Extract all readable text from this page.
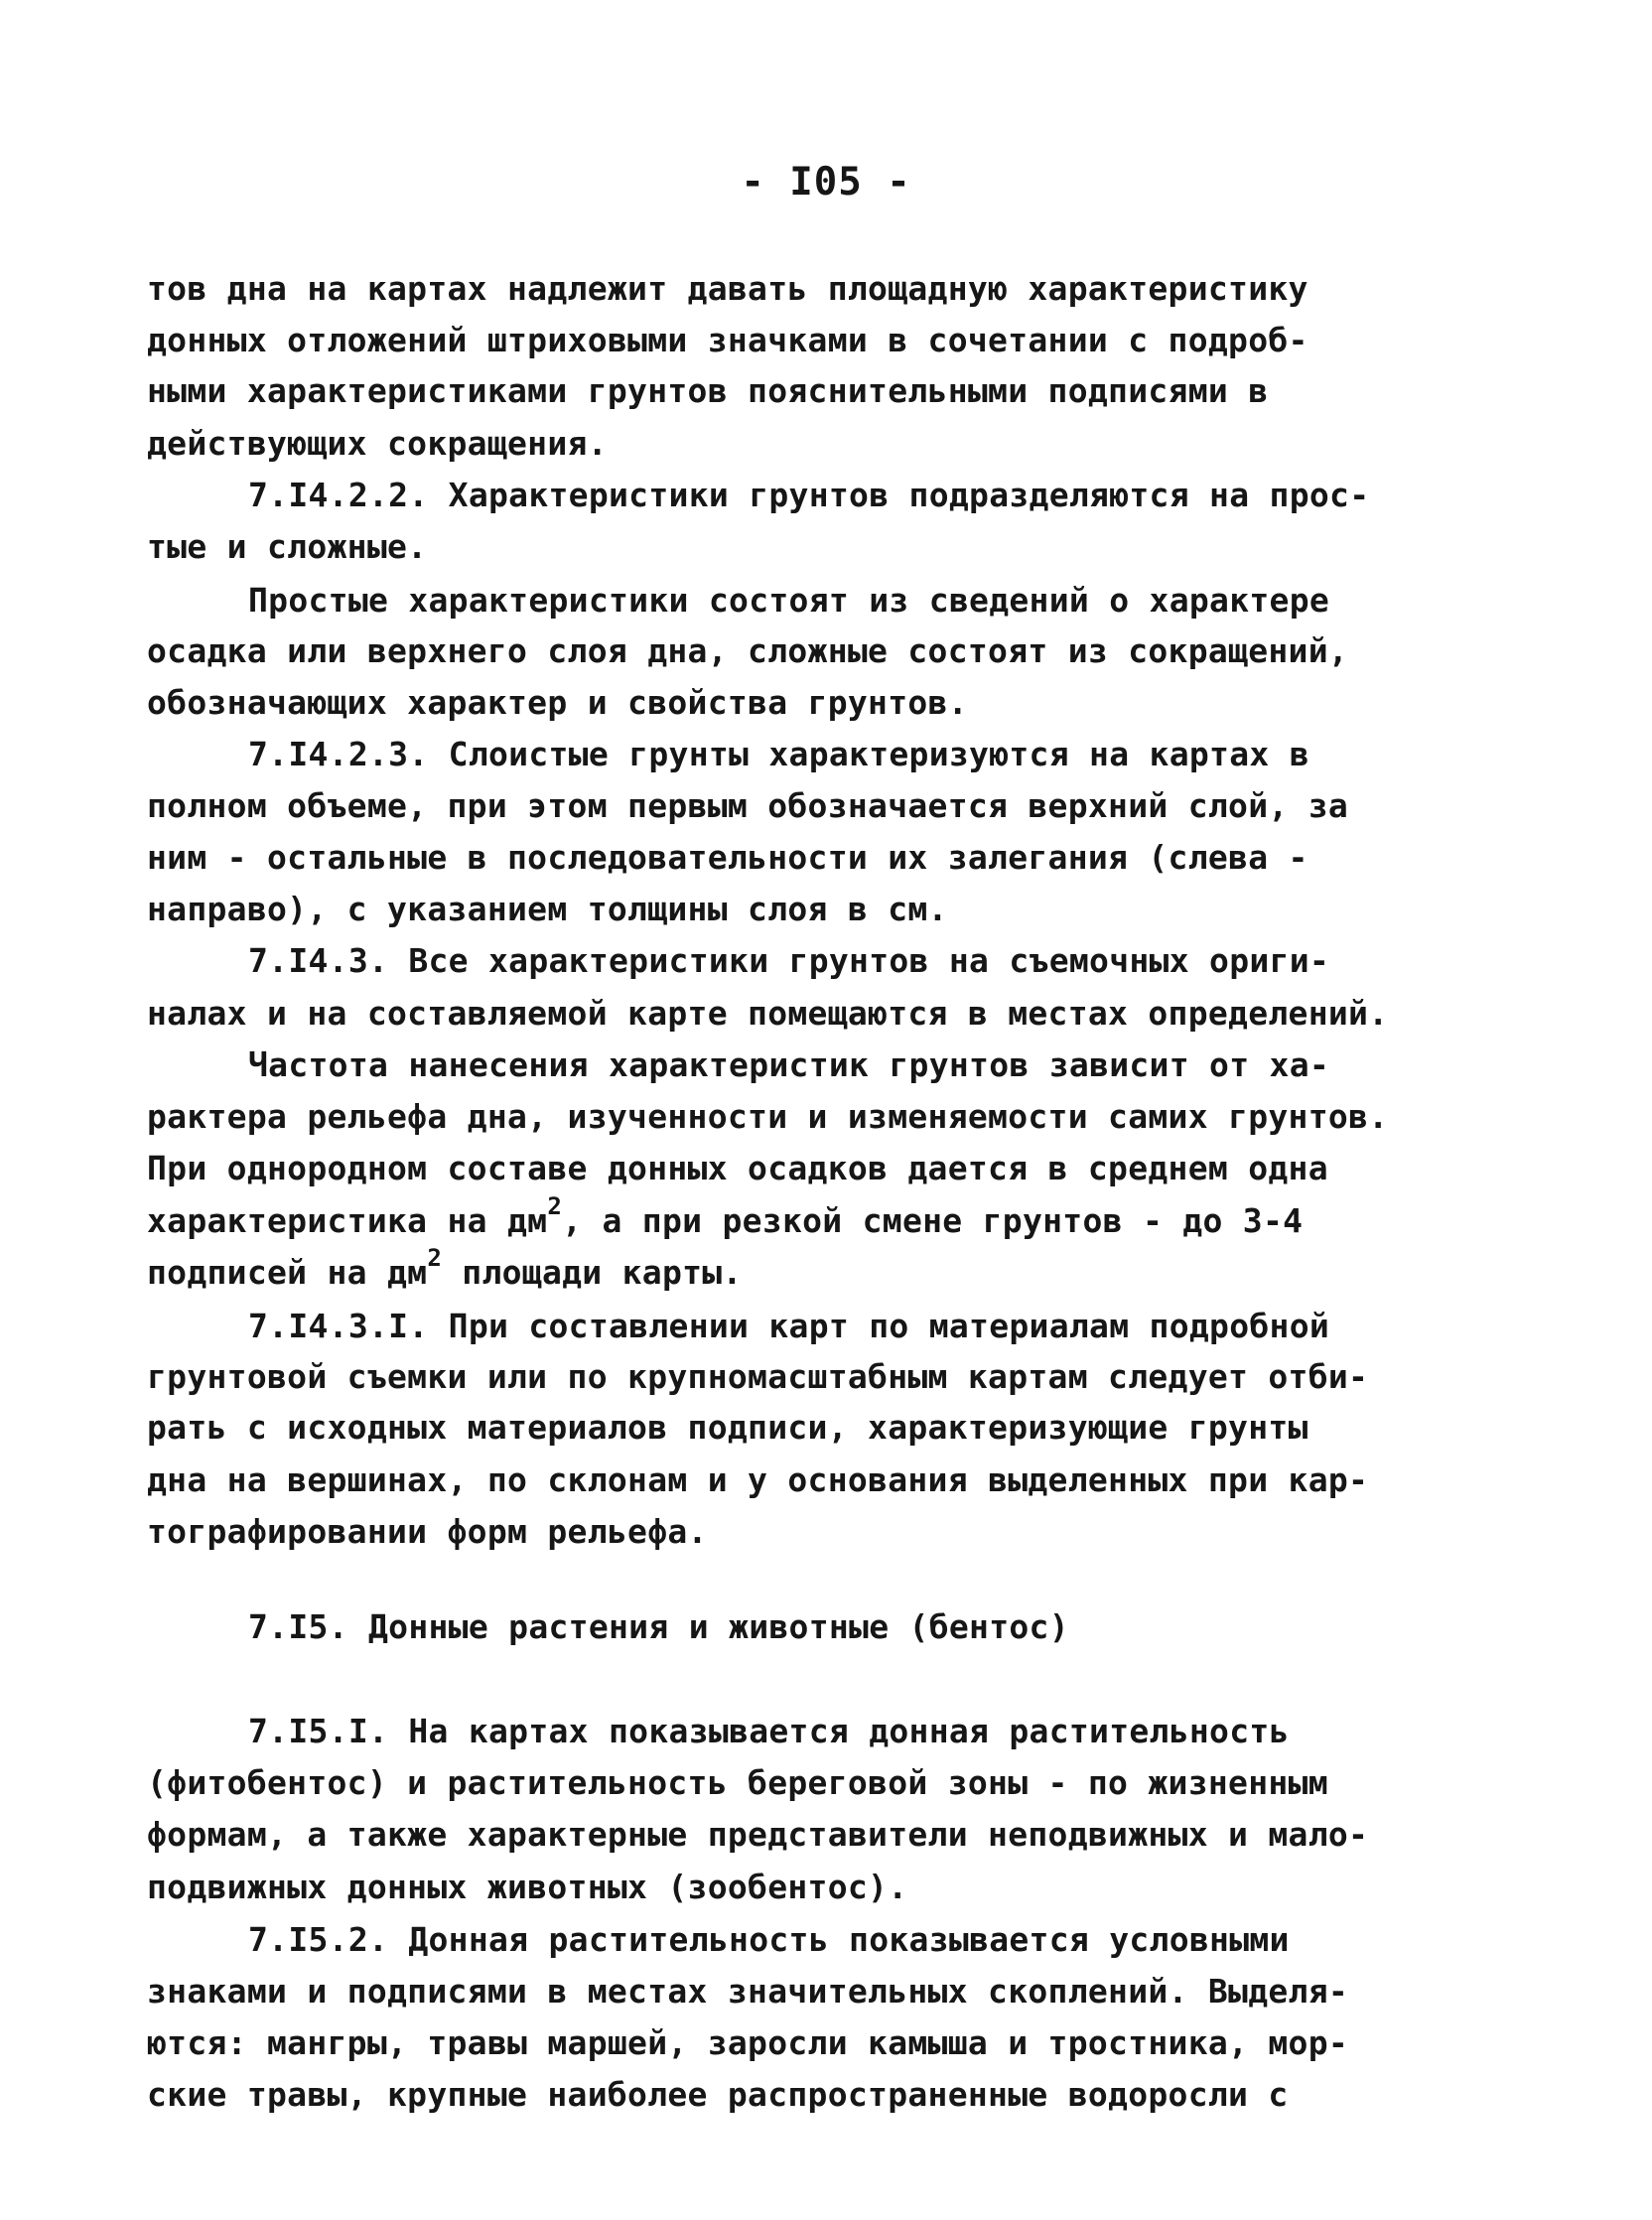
- I05 -
тов дна на картах надлежит давать площадную характеристику
донных отложений штриховыми значками в сочетании с подроб-
ными характеристиками грунтов пояснительными подписями в
действующих сокращения.
7.I4.2.2. Характеристики грунтов подразделяются на прос-
тые и сложные.
Простые характеристики состоят из сведений о характере
осадка или верхнего слоя дна, сложные состоят из сокращений,
обозначающих характер и свойства грунтов.
7.I4.2.3. Слоистые грунты характеризуются на картах в
полном объеме, при этом первым обозначается верхний слой, за
ним - остальные в последовательности их залегания (слева -
направо), с указанием толщины слоя в см.
7.I4.3. Все характеристики грунтов на съемочных ориги-
налах и на составляемой карте помещаются в местах определений.
Частота нанесения характеристик грунтов зависит от ха-
рактера рельефа дна, изученности и изменяемости самих грунтов.
При однородном составе донных осадков дается в среднем одна
характеристика на $дм^2$, а при резкой смене грунтов - до 3-4
подписей на $дм^2$ площади карты.
7.I4.3.I. При составлении карт по материалам подробной
грунтовой съемки или по крупномасштабным картам следует отби-
рать с исходных материалов подписи, характеризующие грунты
дна на вершинах, по склонам и у основания выделенных при кар-
тографировании форм рельефа.
7.I5. Донные растения и животные (бентос)
7.I5.I. На картах показывается донная растительность
(фитобентос) и растительность береговой зоны - по жизненным
формам, а также характерные представители неподвижных и мало-
подвижных донных животных (зообентос).
7.I5.2. Донная растительность показывается условными
знаками и подписями в местах значительных скоплений. Выделя-
ются: мангры, травы маршей, заросли камыша и тростника, мор-
ские травы, крупные наиболее распространенные водоросли с
